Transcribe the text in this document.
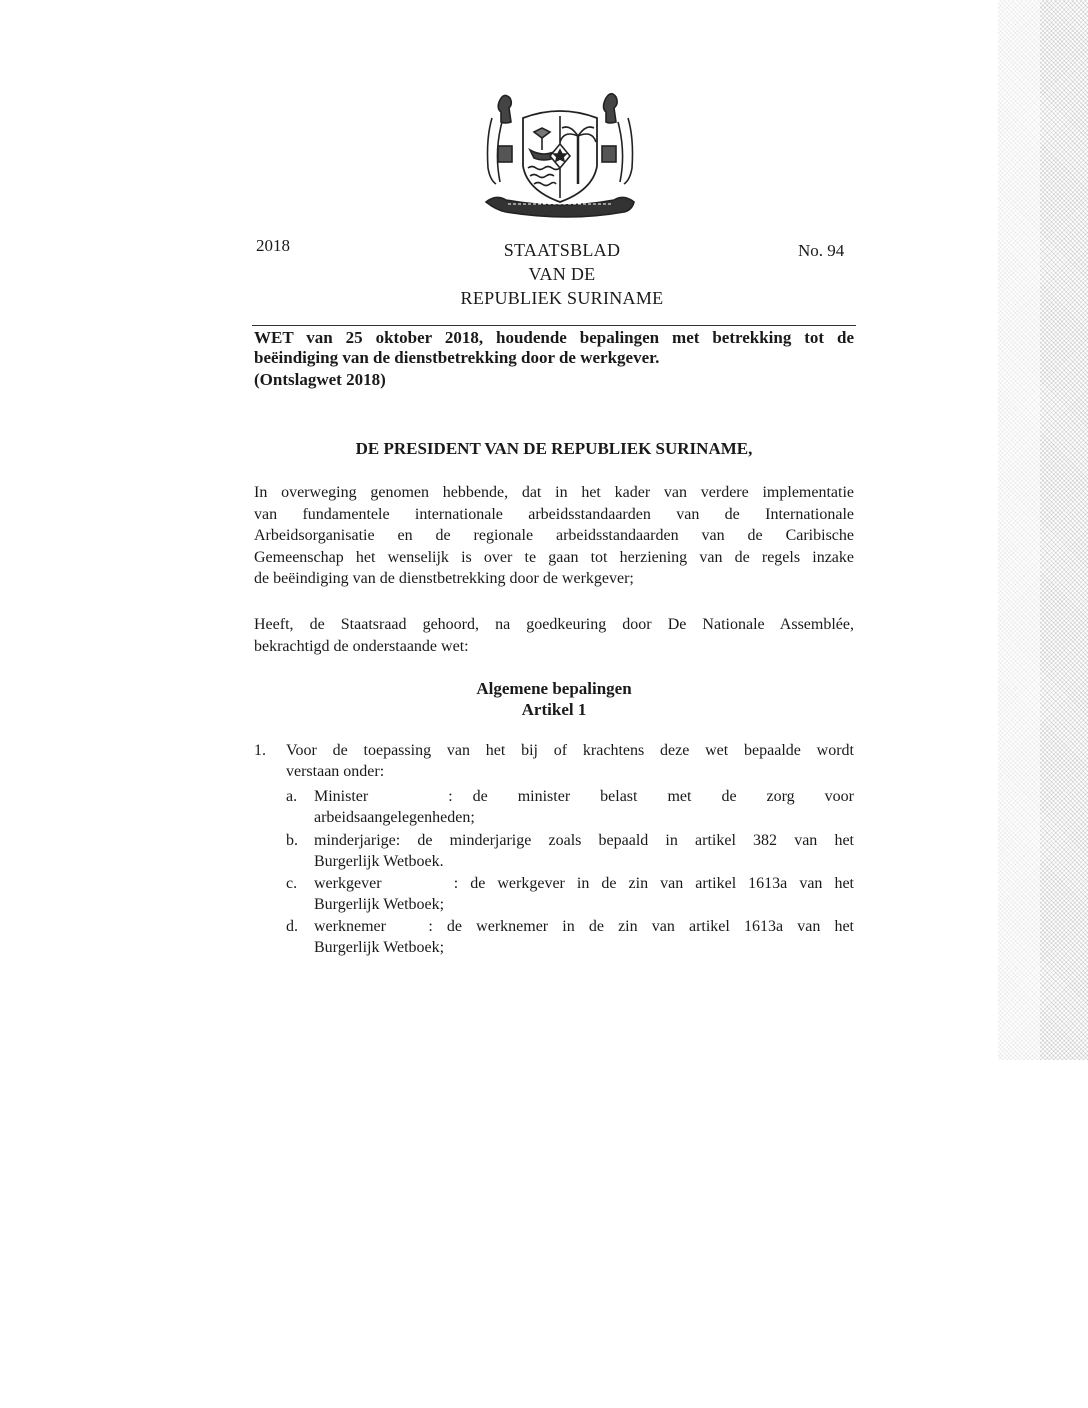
2018	STAATSBLAD
VAN DE
REPUBLIEK SURINAME
No. 94
WET van 25 oktober 2018, houdende bepalingen met betrekking tot de
beëindiging van de dienstbetrekking door de werkgever.
(Ontslagwet 2018)
DE PRESIDENT VAN DE REPUBLIEK SURINAME,
In overweging genomen hebbende, dat in het kader van verdere implementatie
van fundamentele internationale arbeidsstandaarden van de Internationale
Arbeidsorganisatie en de regionale arbeidsstandaarden van de Caribische
Gemeenschap het wenselijk is over te gaan tot herziening van de regels inzake
de beëindiging van de dienstbetrekking door de werkgever;
Heeft, de Staatsraad gehoord, na goedkeuring door De Nationale Assemblée,
bekrachtigd de onderstaande wet:
Algemene bepalingen
Artikel 1
1. Voor de toepassing van het bij of krachtens deze wet bepaalde wordt
verstaan onder:
a. Minister        :  de   minister   belast   met   de   zorg   voor
arbeidsaangelegenheden;
b. minderjarige: de minderjarige zoals bepaald in artikel 382 van het
Burgerlijk Wetboek.
c. werkgever      : de werkgever in de zin van artikel 1613a van het
Burgerlijk Wetboek;
d. werknemer   : de werknemer in de zin van artikel 1613a van het
Burgerlijk Wetboek;
